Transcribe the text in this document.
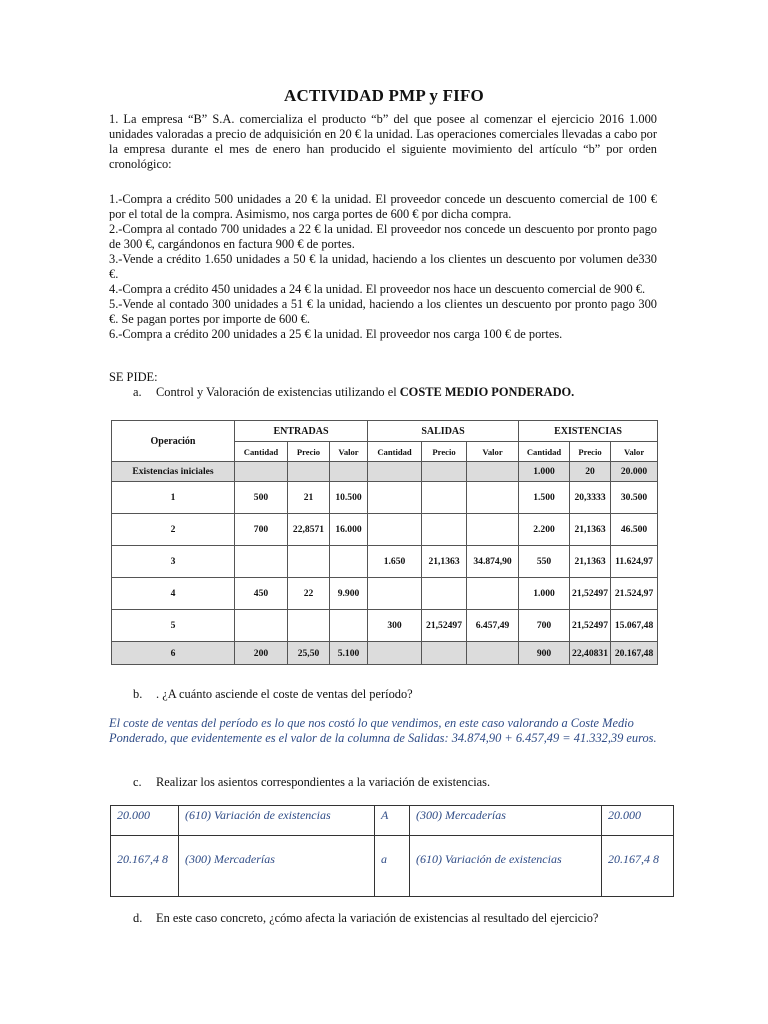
ACTIVIDAD PMP y FIFO

1. La empresa “B” S.A. comercializa el producto “b” del que posee al comenzar el ejercicio 2016 1.000 unidades valoradas a precio de adquisición en 20 € la unidad. Las operaciones comerciales llevadas a cabo por la empresa durante el mes de enero han producido el siguiente movimiento del artículo “b” por orden cronológico:

1.-Compra a crédito 500 unidades a 20 € la unidad. El proveedor concede un descuento comercial de 100 € por el total de la compra. Asimismo, nos carga portes de 600 € por dicha compra.

2.-Compra al contado 700 unidades a 22 € la unidad. El proveedor nos concede un descuento por pronto pago de 300 €, cargándonos en factura 900 € de portes.

3.-Vende a crédito 1.650 unidades a 50 € la unidad, haciendo a los clientes un descuento por volumen de330 €.

4.-Compra a crédito 450 unidades a 24 € la unidad. El proveedor nos hace un descuento comercial de 900 €.

5.-Vende al contado 300 unidades a 51 € la unidad, haciendo a los clientes un descuento por pronto pago 300 €. Se pagan portes por importe de 600 €.

6.-Compra a crédito 200 unidades a 25 € la unidad. El proveedor nos carga 100 € de portes.

SE PIDE:
a. Control y Valoración de existencias utilizando el COSTE MEDIO PONDERADO.
Operación	ENTRADAS			SALIDAS			EXISTENCIAS		
	Cantidad	Precio	Valor	Cantidad	Precio	Valor	Cantidad	Precio	Valor
Existencias iniciales							1.000	20	20.000
1	500	21	10.500				1.500	20,3333	30.500
2	700	22,8571	16.000				2.200	21,1363	46.500
3				1.650	21,1363	34.874,90	550	21,1363	11.624,97
4	450	22	9.900				1.000	21,52497	21.524,97
5				300	21,52497	6.457,49	700	21,52497	15.067,48
6	200	25,50	5.100				900	22,40831	20.167,48
b. . ¿A cuánto asciende el coste de ventas del período?
El coste de ventas del período es lo que nos costó lo que vendimos, en este caso valorando a Coste Medio Ponderado, que evidentemente es el valor de la columna de Salidas: 34.874,90 + 6.457,49 = 41.332,39 euros.
c. Realizar los asientos correspondientes a la variación de existencias.
20.000	(610) Variación de existencias	A	(300) Mercaderías	20.000
20.167,4 8	(300) Mercaderías	a	(610) Variación de existencias	20.167,4 8
d. En este caso concreto, ¿cómo afecta la variación de existencias al resultado del ejercicio?
